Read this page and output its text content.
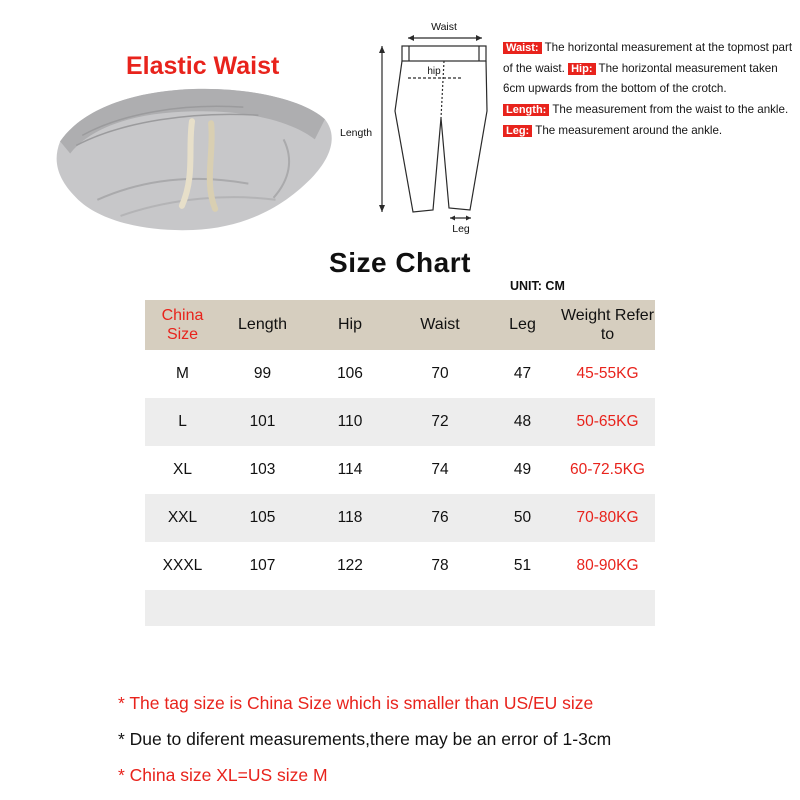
Elastic Waist
Waist
hip
Length
Leg
Waist: The horizontal measurement at the topmost part of the waist. Hip: The horizontal measurement taken 6cm upwards from the bottom of the crotch. Length: The measurement from the waist to the ankle. Leg: The measurement around the ankle.
Size Chart
UNIT: CM
China Size	Length	Hip	Waist	Leg	Weight Refer to
M	99	106	70	47	45-55KG
L	101	110	72	48	50-65KG
XL	103	114	74	49	60-72.5KG
XXL	105	118	76	50	70-80KG
XXXL	107	122	78	51	80-90KG

* The tag size is China Size which is smaller than US/EU size
* Due to diferent measurements,there may be an error of 1-3cm
* China size XL=US size M
